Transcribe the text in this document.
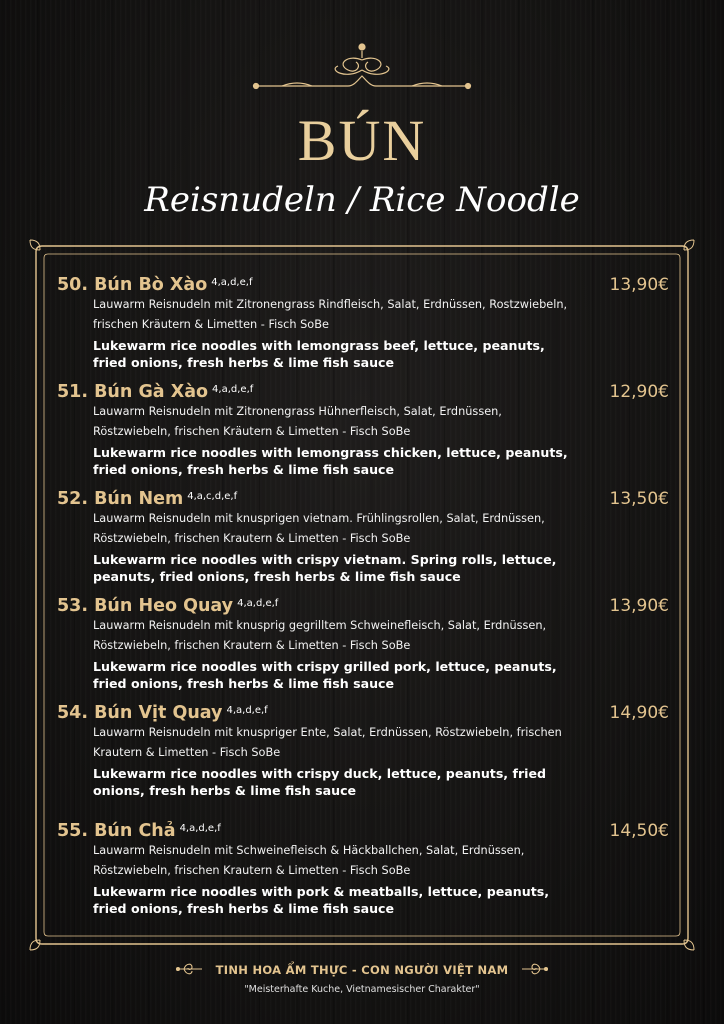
BÚN
Reisnudeln / Rice Noodle
50. Bún Bò Xào $^{4,a,d,e,f}$	13,90€
Lauwarm Reisnudeln mit Zitronengrass Rindfleisch, Salat, Erdnüssen, Rostzwiebeln, frischen Kräutern & Limetten - Fisch SoBe
Lukewarm rice noodles with lemongrass beef, lettuce, peanuts, fried onions, fresh herbs & lime fish sauce
51. Bún Gà Xào $^{4,a,d,e,f}$	12,90€
Lauwarm Reisnudeln mit Zitronengrass Hühnerfleisch, Salat, Erdnüssen, Röstzwiebeln, frischen Kräutern & Limetten - Fisch SoBe
Lukewarm rice noodles with lemongrass chicken, lettuce, peanuts, fried onions, fresh herbs & lime fish sauce
52. Bún Nem $^{4,a,c,d,e,f}$	13,50€
Lauwarm Reisnudeln mit knusprigen vietnam. Frühlingsrollen, Salat, Erdnüssen, Röstzwiebeln, frischen Krautern & Limetten - Fisch SoBe
Lukewarm rice noodles with crispy vietnam. Spring rolls, lettuce, peanuts, fried onions, fresh herbs & lime fish sauce
53. Bún Heo Quay $^{4,a,d,e,f}$	13,90€
Lauwarm Reisnudeln mit knusprig gegrilltem Schweinefleisch, Salat, Erdnüssen, Röstzwiebeln, frischen Krautern & Limetten - Fisch SoBe
Lukewarm rice noodles with crispy grilled pork, lettuce, peanuts, fried onions, fresh herbs & lime fish sauce
54. Bún Vịt Quay $^{4,a,d,e,f}$	14,90€
Lauwarm Reisnudeln mit knuspriger Ente, Salat, Erdnüssen, Röstzwiebeln, frischen Krautern & Limetten - Fisch SoBe
Lukewarm rice noodles with crispy duck, lettuce, peanuts, fried onions, fresh herbs & lime fish sauce
55. Bún Chả $^{4,a,d,e,f}$	14,50€
Lauwarm Reisnudeln mit Schweinefleisch & Häckballchen, Salat, Erdnüssen, Röstzwiebeln, frischen Krautern & Limetten - Fisch SoBe
Lukewarm rice noodles with pork & meatballs, lettuce, peanuts, fried onions, fresh herbs & lime fish sauce
TINH HOA ẨM THỰC - CON NGƯỜI VIỆT NAM
"Meisterhafte Kuche, Vietnamesischer Charakter"
